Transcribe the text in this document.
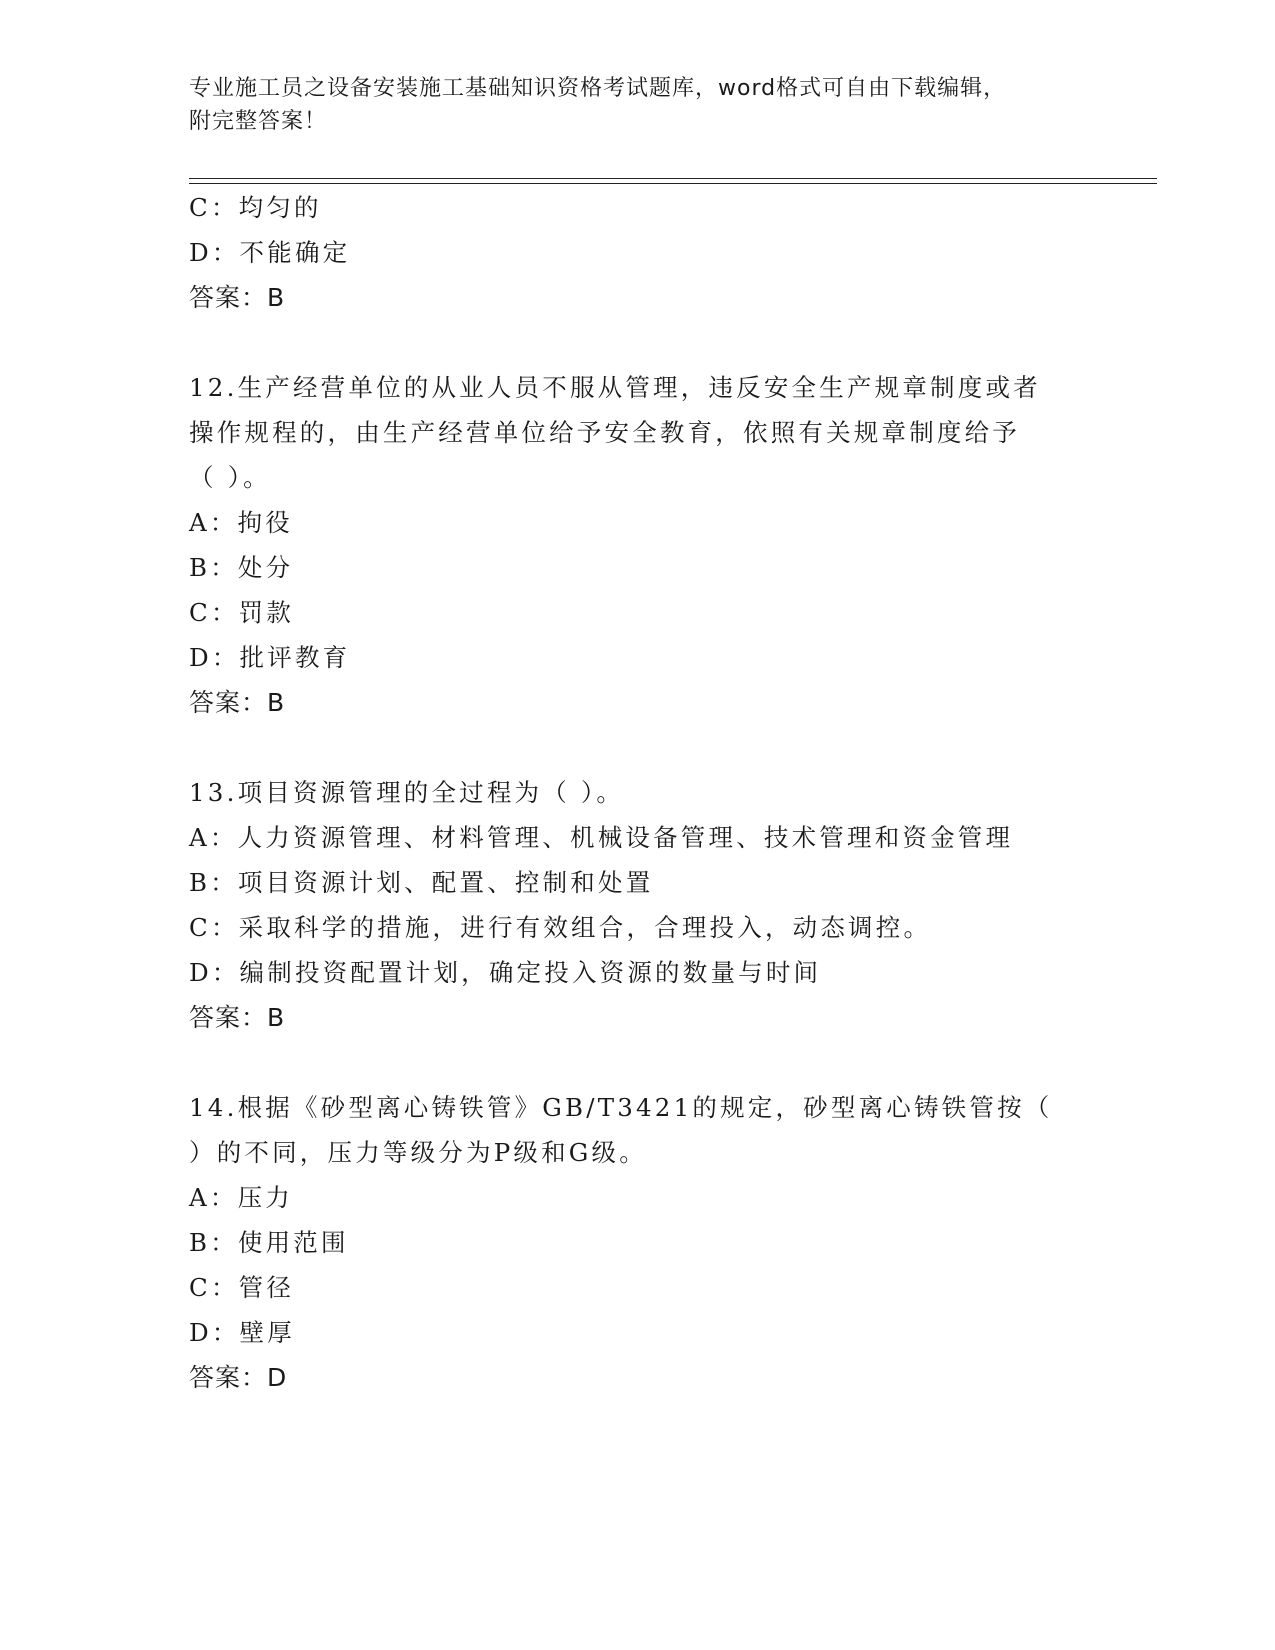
专业施工员之设备安装施工基础知识资格考试题库，word格式可自由下载编辑，
附完整答案！
C：均匀的
D：不能确定
答案：B
12.生产经营单位的从业人员不服从管理，违反安全生产规章制度或者
操作规程的，由生产经营单位给予安全教育，依照有关规章制度给予
（ ）。
A：拘役
B：处分
C：罚款
D：批评教育
答案：B
13.项目资源管理的全过程为（ ）。
A：人力资源管理、材料管理、机械设备管理、技术管理和资金管理
B：项目资源计划、配置、控制和处置
C：采取科学的措施，进行有效组合，合理投入，动态调控。
D：编制投资配置计划，确定投入资源的数量与时间
答案：B
14.根据《砂型离心铸铁管》GB/T3421的规定，砂型离心铸铁管按（
）的不同，压力等级分为P级和G级。
A：压力
B：使用范围
C：管径
D：壁厚
答案：D
